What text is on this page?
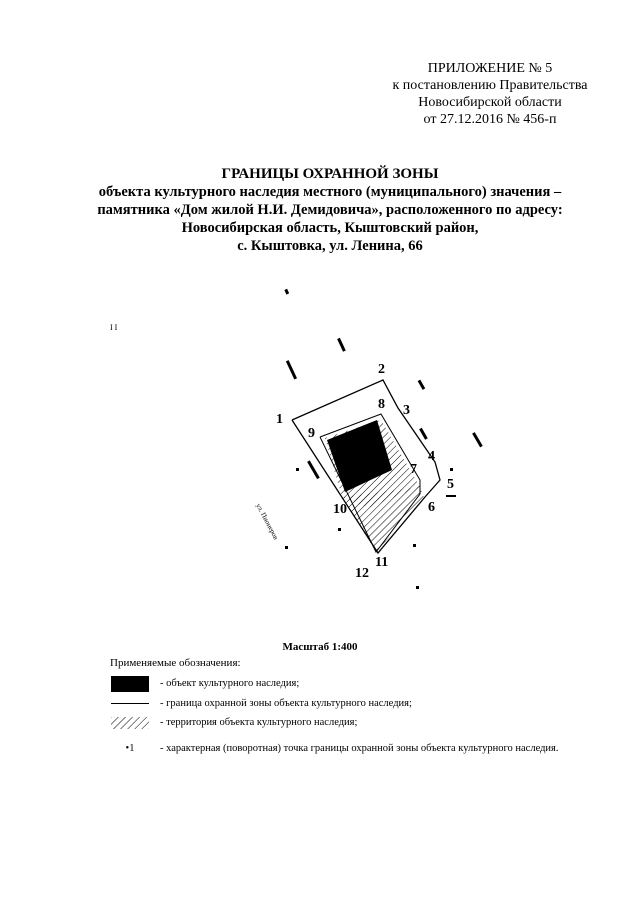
ПРИЛОЖЕНИЕ № 5
к постановлению Правительства
Новосибирской области
от 27.12.2016 № 456-п
ГРАНИЦЫ ОХРАННОЙ ЗОНЫ
объекта культурного наследия местного (муниципального) значения –
памятника «Дом жилой Н.И. Демидовича», расположенного по адресу:
Новосибирская область, Кыштовский район,
с. Кыштовка, ул. Ленина, 66
1
2
3
4
5
6
7
8
9
10
11
12
I I
ул. Пионеров
Масштаб 1:400
Применяемые обозначения:
- объект культурного наследия;
- граница охранной зоны объекта культурного наследия;
- территория объекта культурного наследия;
•1	- характерная (поворотная) точка границы охранной зоны объекта культурного наследия.
